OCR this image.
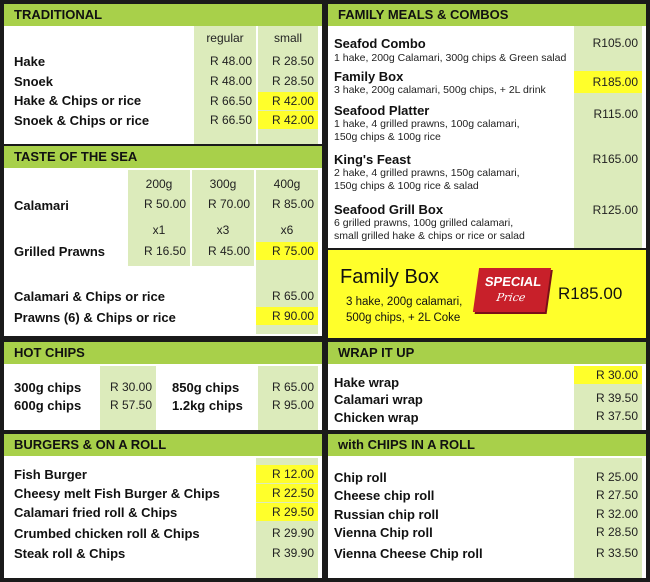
TRADITIONAL
regular	small
Hake	R 48.00	R 28.50
Snoek	R 48.00	R 28.50
Hake & Chips or rice	R 66.50	R 42.00
Snoek & Chips or rice	R 66.50	R 42.00
TASTE OF THE SEA
200g	300g	400g
Calamari	R 50.00	R 70.00	R 85.00
x1	x3	x6
Grilled Prawns	R 16.50	R 45.00	R 75.00
Calamari & Chips or rice	R 65.00
Prawns (6) & Chips or rice	R 90.00
HOT CHIPS
300g chips	R 30.00
600g chips	R 57.50
850g chips	R 65.00
1.2kg chips	R 95.00
BURGERS & ON A ROLL
Fish Burger	R 12.00
Cheesy melt Fish Burger & Chips	R 22.50
Calamari fried roll & Chips	R 29.50
Crumbed chicken roll & Chips	R 29.90
Steak roll & Chips	R 39.90
FAMILY MEALS & COMBOS
Seafod Combo
1 hake, 200g Calamari, 300g chips & Green salad
R105.00
Family Box
3 hake, 200g calamari, 500g chips, + 2L drink
R185.00
Seafood Platter
1 hake, 4 grilled prawns, 100g calamari,
150g chips & 100g rice
R115.00
King's Feast
2 hake, 4 grilled prawns, 150g calamari,
150g chips & 100g rice & salad
R165.00
Seafood Grill Box
6 grilled prawns, 100g grilled calamari,
small grilled hake & chips or rice or salad
R125.00
Family Box
3 hake, 200g calamari,
500g chips, + 2L Coke
SPECIAL
Price	R185.00
WRAP IT UP
Hake wrap	R 30.00
Calamari wrap	R 39.50
Chicken wrap	R 37.50
with CHIPS IN A ROLL
Chip roll	R 25.00
Cheese chip roll	R 27.50
Russian chip roll	R 32.00
Vienna Chip roll	R 28.50
Vienna Cheese Chip roll	R 33.50
